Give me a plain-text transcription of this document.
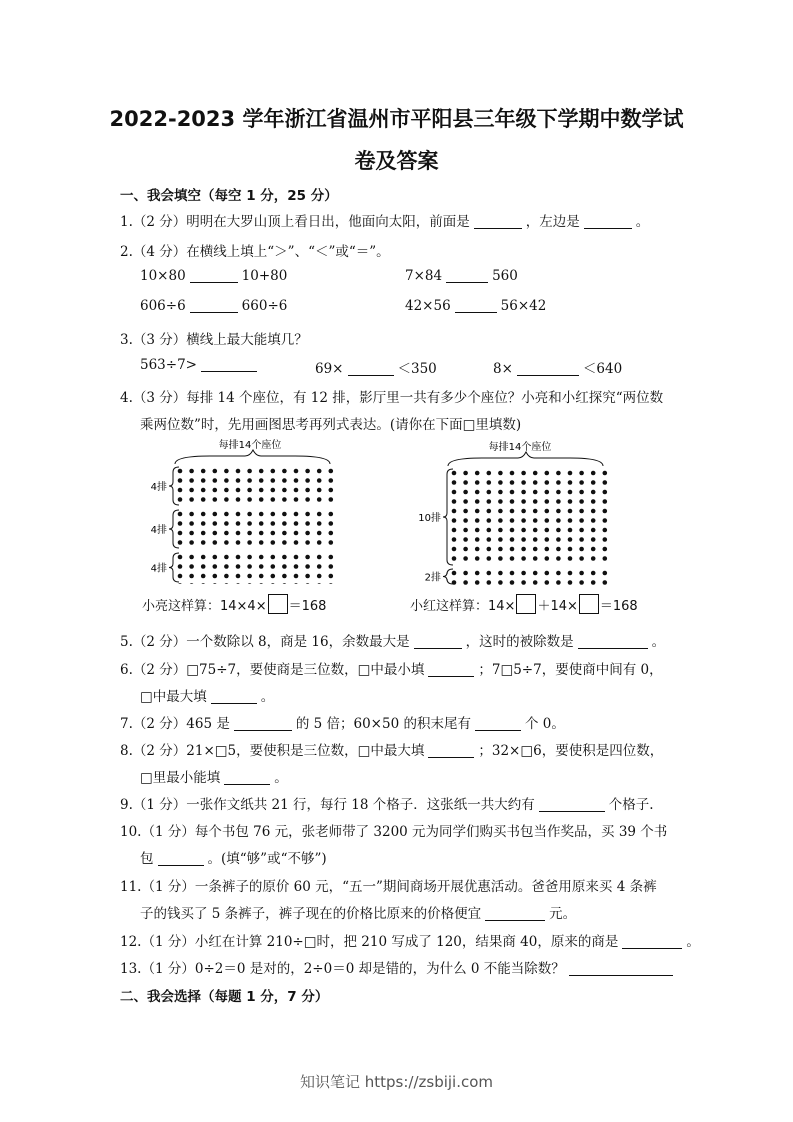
2022-2023 学年浙江省温州市平阳县三年级下学期中数学试
卷及答案
一、我会填空（每空 1 分，25 分）
1.（2 分）明明在大罗山顶上看日出，他面向太阳，前面是	，左边是	。
2.（4 分）在横线上填上“＞”、“＜”或“＝”。
10×80	10+80	7×84	560
606÷6	660÷6	42×56	56×42
3.（3 分）横线上最大能填几？
563÷7>	69×	＜350	8×	＜640
4.（3 分）每排 14 个座位，有 12 排，影厅里一共有多少个座位？小亮和小红探究“两位数
乘两位数”时，先用画图思考再列式表达。(请你在下面□里填数)
每排14个座位
4排
4排
4排
每排14个座位
10排
2排
小亮这样算：14×4× ＝168	小红这样算：14× ＋14× ＝168
5.（2 分）一个数除以 8，商是 16，余数最大是	，这时的被除数是	。
6.（2 分）□75÷7，要使商是三位数，□中最小填	；7□5÷7，要使商中间有 0，
□中最大填	。
7.（2 分）465 是	的 5 倍；60×50 的积末尾有	个 0。
8.（2 分）21×□5，要使积是三位数，□中最大填	；32×□6，要使积是四位数，
□里最小能填	。
9.（1 分）一张作文纸共 21 行，每行 18 个格子．这张纸一共大约有	个格子.
10.（1 分）每个书包 76 元，张老师带了 3200 元为同学们购买书包当作奖品，买 39 个书
包	。(填“够”或“不够”)
11.（1 分）一条裤子的原价 60 元，“五一”期间商场开展优惠活动。爸爸用原来买 4 条裤
子的钱买了 5 条裤子，裤子现在的价格比原来的价格便宜	元。
12.（1 分）小红在计算 210÷□时，把 210 写成了 120，结果商 40，原来的商是	。
13.（1 分）0÷2＝0 是对的，2÷0＝0 却是错的，为什么 0 不能当除数？
二、我会选择（每题 1 分，7 分）
知识笔记 https://zsbiji.com
